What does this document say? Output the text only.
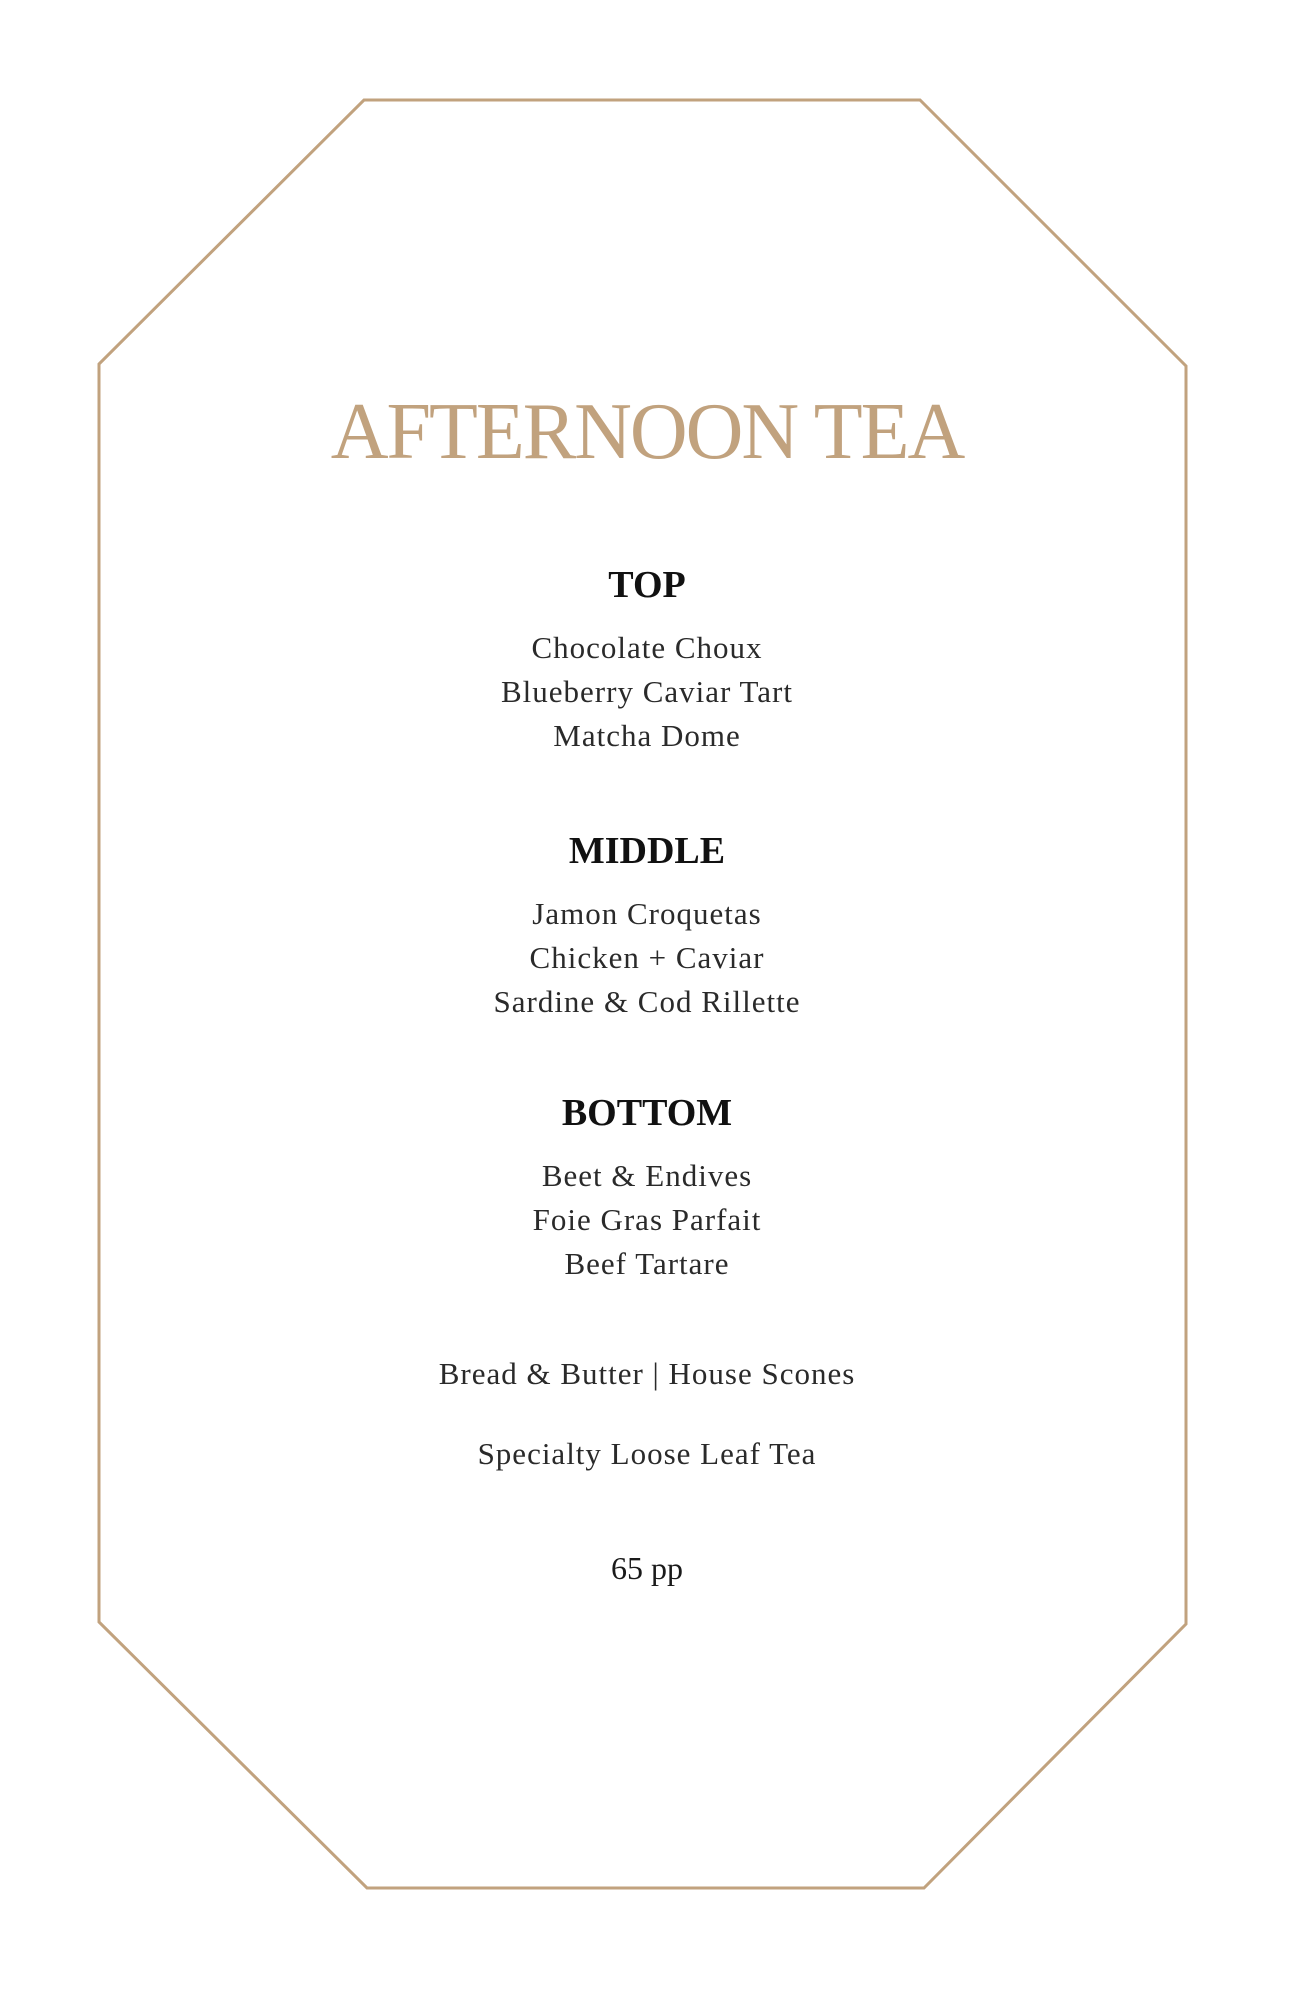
AFTERNOON TEA
TOP
Chocolate Choux
Blueberry Caviar Tart
Matcha Dome
MIDDLE
Jamon Croquetas
Chicken + Caviar
Sardine & Cod Rillette
BOTTOM
Beet & Endives
Foie Gras Parfait
Beef Tartare
Bread & Butter | House Scones
Specialty Loose Leaf Tea
65 pp
